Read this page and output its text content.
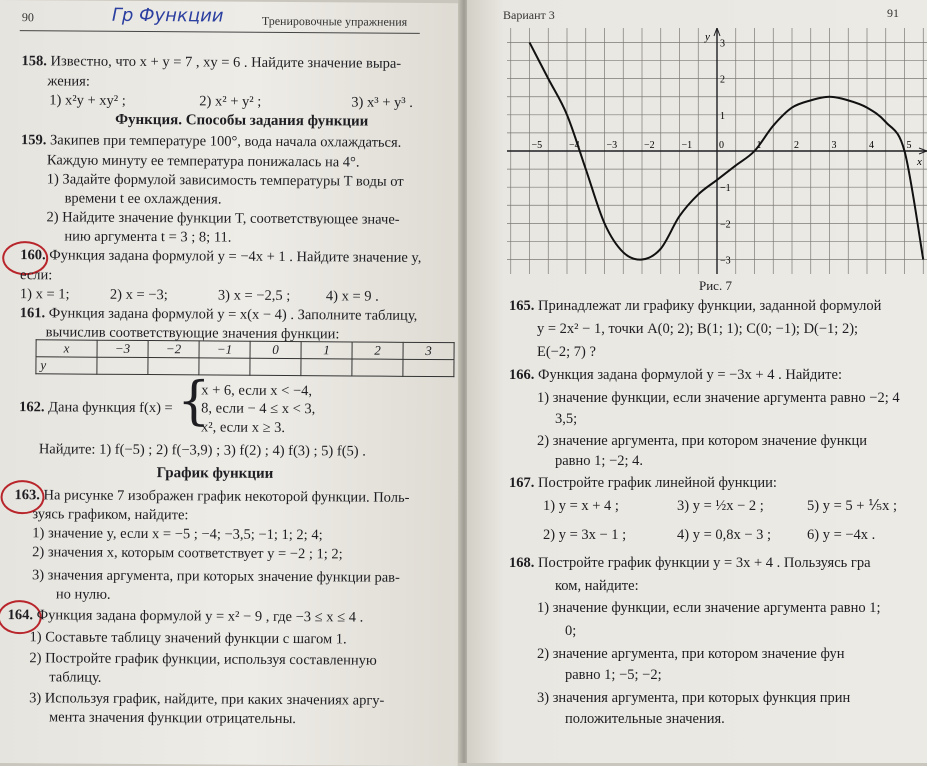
90	Гр Функции	Тренировочные упражнения
158. Известно, что x + y = 7 , xy = 6 . Найдите значение выра-
жения:
1) x²y + xy² ;	2) x² + y² ;	3) x³ + y³ .
Функция. Способы задания функции
159. Закипев при температуре 100°, вода начала охлаждаться.
Каждую минуту ее температура понижалась на 4°.
1) Задайте формулой зависимость температуры T воды от
времени t ее охлаждения.
2) Найдите значение функции T, соответствующее значе-
нию аргумента t = 3 ; 8; 11.
160. Функция задана формулой y = −4x + 1 . Найдите значение y,
если:
1) x = 1;	2) x = −3;	3) x = −2,5 ; 4) x = 9 .
161. Функция задана формулой y = x(x − 4) . Заполните таблицу,
вычислив соответствующие значения функции:
x	−3	−2	−1	0	1	2	3
y							
162. Дана функция f(x) = {
x + 6, если x < −4,
8, если − 4 ≤ x < 3,
x², если x ≥ 3.
Найдите: 1) f(−5) ; 2) f(−3,9) ; 3) f(2) ; 4) f(3) ; 5) f(5) .
График функции
163. На рисунке 7 изображен график некоторой функции. Поль-
зуясь графиком, найдите:
1) значение y, если x = −5 ; −4; −3,5; −1; 1; 2; 4;
2) значения x, которым соответствует y = −2 ; 1; 2;
3) значения аргумента, при которых значение функции рав-
но нулю.
164. Функция задана формулой y = x² − 9 , где −3 ≤ x ≤ 4 .
1) Составьте таблицу значений функции с шагом 1.
2) Постройте график функции, используя составленную
таблицу.
3) Используя график, найдите, при каких значениях аргу-
мента значения функции отрицательны.
Вариант 3	91
x
y
−5	−4	−3	−2	−1	0	1	2	3	4	5
3
2
1
−1
−2
−3
Рис. 7
165. Принадлежат ли графику функции, заданной формулой
y = 2x² − 1, точки A(0; 2); B(1; 1); C(0; −1); D(−1; 2);
E(−2; 7) ?
166. Функция задана формулой y = −3x + 4 . Найдите:
1) значение функции, если значение аргумента равно −2; 4
3,5;
2) значение аргумента, при котором значение функци
равно 1; −2; 4.
167. Постройте график линейной функции:
1) y = x + 4 ;	3) y = ½x − 2 ;	5) y = 5 + ⅕x ;
2) y = 3x − 1 ;	4) y = 0,8x − 3 ; 6) y = −4x .
168. Постройте график функции y = 3x + 4 . Пользуясь гра
ком, найдите:
1) значение функции, если значение аргумента равно 1;
0;
2) значение аргумента, при котором значение фун
равно 1; −5; −2;
3) значения аргумента, при которых функция прин
положительные значения.
